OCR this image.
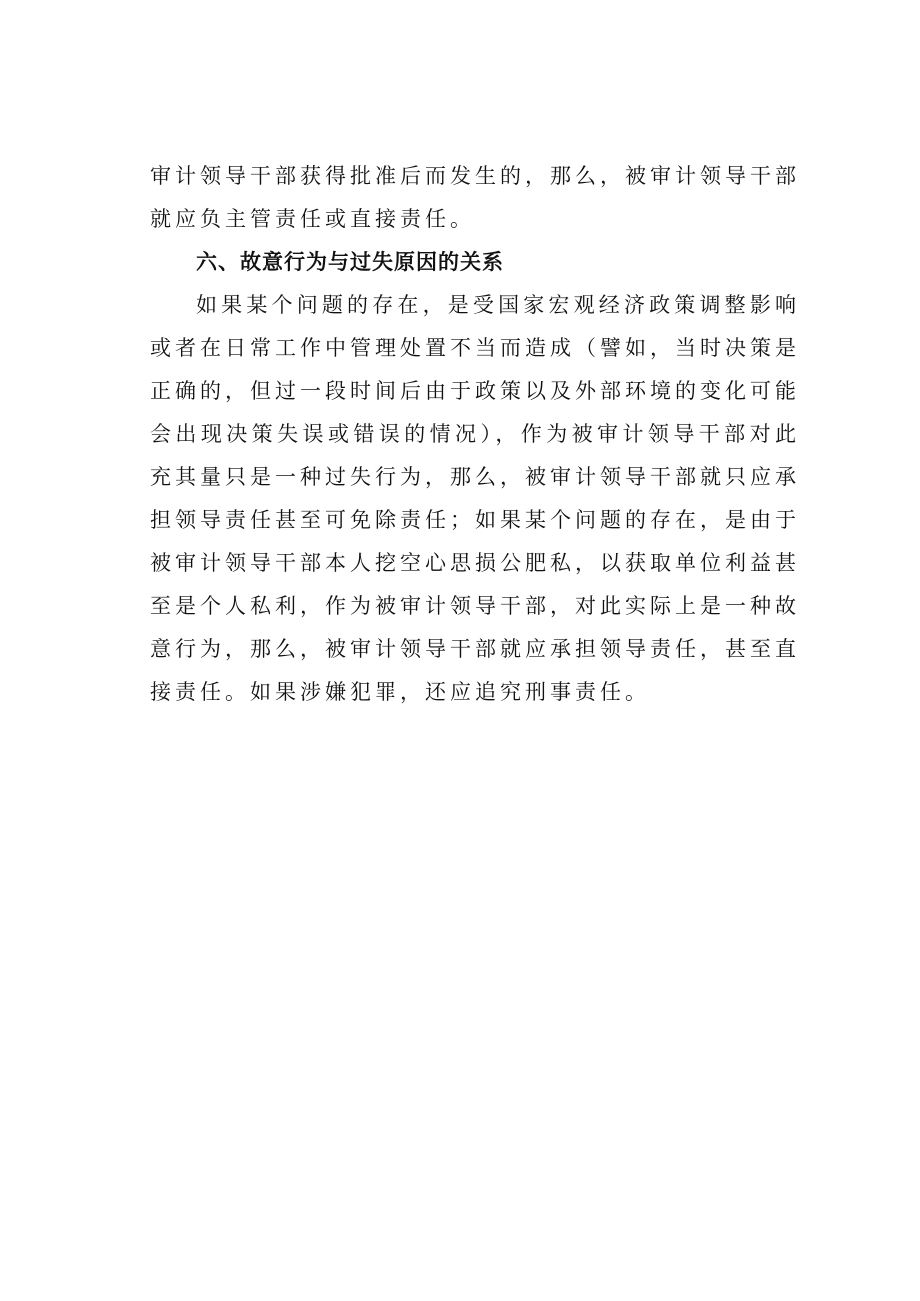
审计领导干部获得批准后而发生的，那么，被审计领导干部就应负主管责任或直接责任。

六、故意行为与过失原因的关系

如果某个问题的存在，是受国家宏观经济政策调整影响或者在日常工作中管理处置不当而造成（譬如，当时决策是正确的，但过一段时间后由于政策以及外部环境的变化可能会出现决策失误或错误的情况），作为被审计领导干部对此充其量只是一种过失行为，那么，被审计领导干部就只应承担领导责任甚至可免除责任；如果某个问题的存在，是由于被审计领导干部本人挖空心思损公肥私，以获取单位利益甚至是个人私利，作为被审计领导干部，对此实际上是一种故意行为，那么，被审计领导干部就应承担领导责任，甚至直接责任。如果涉嫌犯罪，还应追究刑事责任。
